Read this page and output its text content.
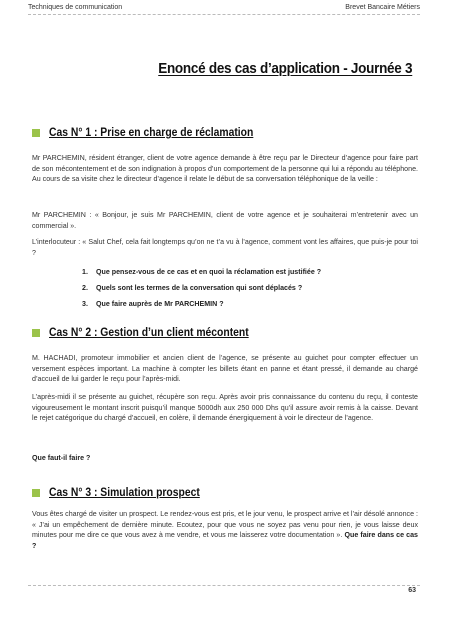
Techniques de communication	Brevet Bancaire Métiers
Enoncé des cas d’application - Journée 3
Cas N° 1 : Prise en charge de réclamation
Mr PARCHEMIN, résident étranger, client de votre agence demande à être reçu par le Directeur d’agence pour faire part de son mécontentement et de son indignation à propos d’un comportement de la personne qui lui a répondu au téléphone. Au cours de sa visite chez le directeur d’agence il relate le début de sa conversation téléphonique de la veille :
Mr PARCHEMIN : « Bonjour, je suis Mr PARCHEMIN, client de votre agence et je souhaiterai m’entretenir avec un commercial ».
L’interlocuteur : « Salut Chef, cela fait longtemps qu’on ne t’a vu à l’agence, comment vont les affaires, que puis-je pour toi ?
1. Que pensez-vous de ce cas et en quoi la réclamation est justifiée ?
2. Quels sont les termes de la conversation qui sont déplacés ?
3. Que faire auprès de Mr PARCHEMIN ?
Cas N° 2 : Gestion d’un client mécontent
M. HACHADI, promoteur immobilier et ancien client de l’agence, se présente au guichet pour compter effectuer un versement espèces important. La machine à compter les billets étant en panne et étant pressé, il demande au chargé d’accueil de lui garder le reçu pour l’après-midi.
L’après-midi il se présente au guichet, récupère son reçu. Après avoir pris connaissance du contenu du reçu, il conteste vigoureusement le montant inscrit puisqu’il manque 5000dh aux 250 000 Dhs qu’il assure avoir remis à la caisse. Devant le rejet catégorique du chargé d’accueil, en colère, il demande énergiquement à voir le directeur de l’agence.
Que faut-il faire ?
Cas N° 3 : Simulation prospect
Vous êtes chargé de visiter un prospect. Le rendez-vous est pris, et le jour venu, le prospect arrive et l’air désolé annonce : « J’ai un empêchement de dernière minute. Ecoutez, pour que vous ne soyez pas venu pour rien, je vous laisse deux minutes pour me dire ce que vous avez à me vendre, et vous me laisserez votre documentation ». Que faire dans ce cas ?
63
